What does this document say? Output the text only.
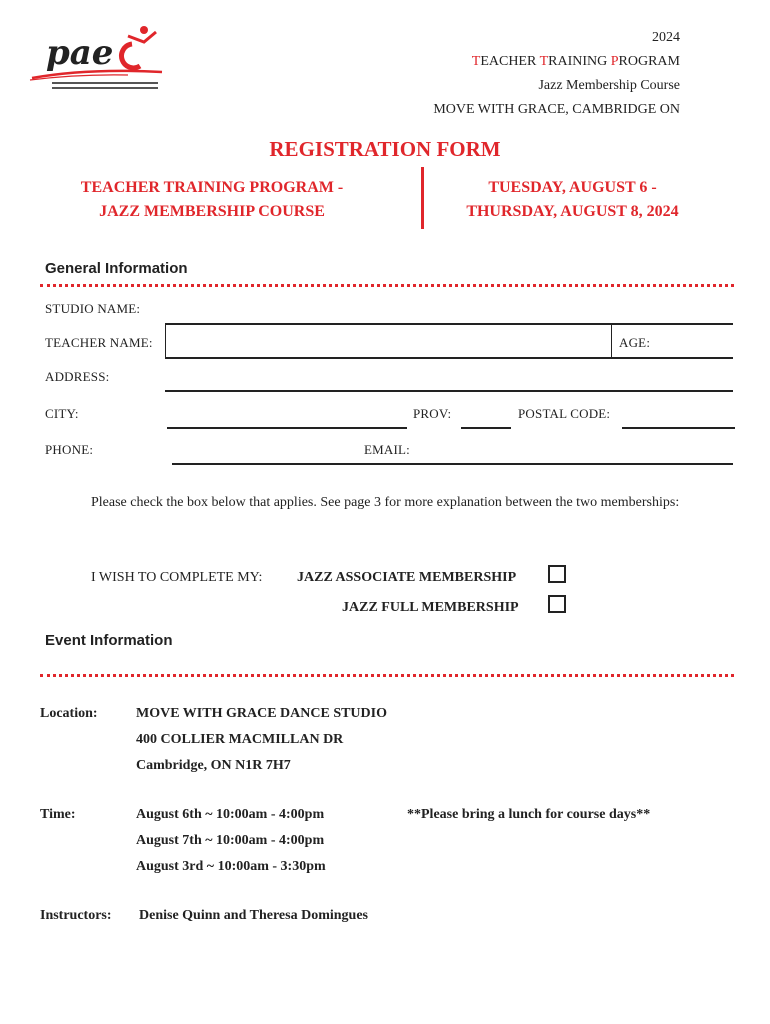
pae	2024
TEACHER TRAINING PROGRAM
Jazz Membership Course
MOVE WITH GRACE, CAMBRIDGE ON
REGISTRATION FORM
TEACHER TRAINING PROGRAM -
JAZZ MEMBERSHIP COURSE
TUESDAY, AUGUST 6 -
THURSDAY, AUGUST 8, 2024
General Information
STUDIO NAME:
TEACHER NAME:	AGE:
ADDRESS:
CITY:	PROV:	POSTAL CODE:
PHONE:	EMAIL:
Please check the box below that applies. See page 3 for more explanation between the two memberships:
I WISH TO COMPLETE MY: JAZZ ASSOCIATE MEMBERSHIP
JAZZ FULL MEMBERSHIP
Event Information
Location:	MOVE WITH GRACE DANCE STUDIO
400 COLLIER MACMILLAN DR
Cambridge, ON N1R 7H7
Time:	August 6th ~ 10:00am - 4:00pm
August 7th ~ 10:00am - 4:00pm
August 3rd ~ 10:00am - 3:30pm
**Please bring a lunch for course days**
Instructors: Denise Quinn and Theresa Domingues
